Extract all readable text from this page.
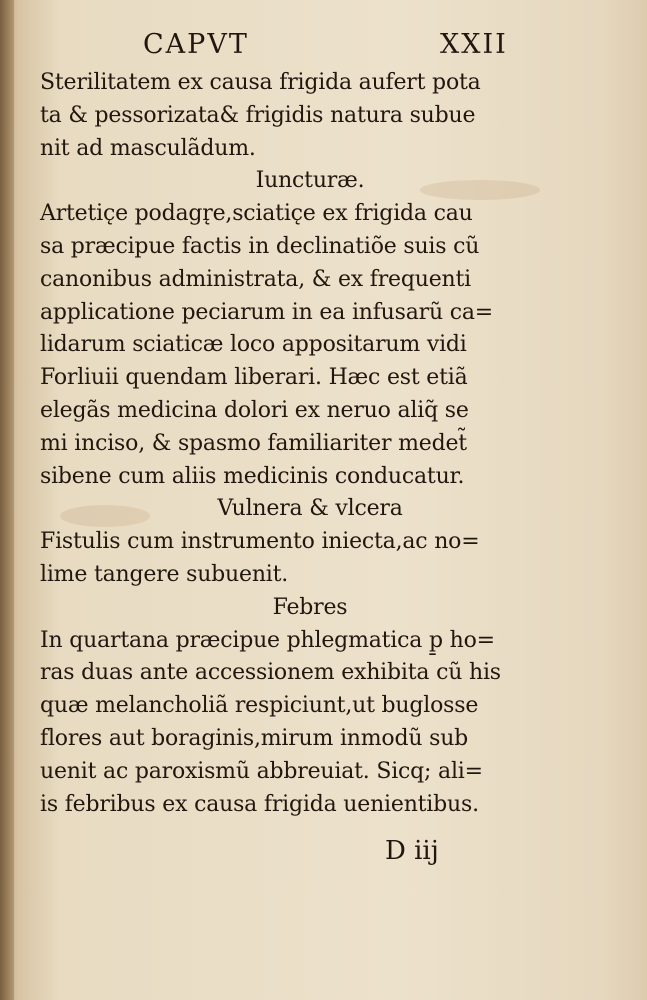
CAPVT	XXII
Sterilitatem ex causa frigida aufert pota
ta & pessorizata& frigidis natura subue
nit ad masculãdum.
Iuncturæ.
Artetic̨e podagr̨e,sciatic̨e ex frigida cau
sa præcipue factis in declinatiõe suis cũ
canonibus administrata, & ex frequenti
applicatione peciarum in ea infusarũ ca=
lidarum sciaticæ loco appositarum vidi
Forliuii quendam liberari. Hæc est etiã
elegãs medicina dolori ex neruo aliq̃ se
mi inciso, & spasmo familiariter medet̃
sibene cum aliis medicinis conducatur.
Vulnera & vlcera
Fistulis cum instrumento iniecta,ac no=
lime tangere subuenit.
Febres
In quartana præcipue phlegmatica p̱ ho=
ras duas ante accessionem exhibita cũ his
quæ melancholiã respiciunt,ut buglosse
flores aut boraginis,mirum inmodũ sub
uenit ac paroxismũ abbreuiat. Sicq; ali=
is febribus ex causa frigida uenientibus.
D iij
